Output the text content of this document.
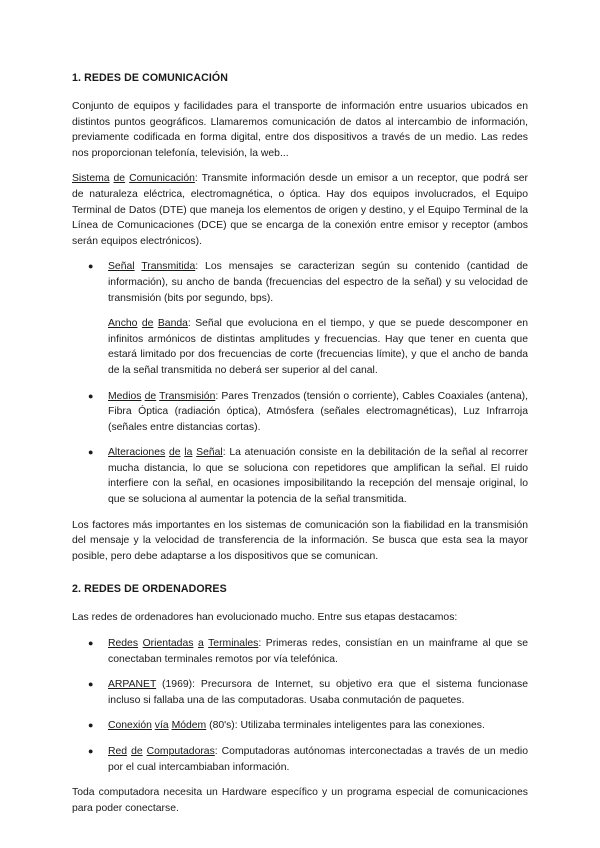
1. REDES DE COMUNICACIÓN

Conjunto de equipos y facilidades para el transporte de información entre usuarios ubicados en distintos puntos geográficos. Llamaremos comunicación de datos al intercambio de información, previamente codificada en forma digital, entre dos dispositivos a través de un medio. Las redes nos proporcionan telefonía, televisión, la web...

Sistema de Comunicación: Transmite información desde un emisor a un receptor, que podrá ser de naturaleza eléctrica, electromagnética, o óptica. Hay dos equipos involucrados, el Equipo Terminal de Datos (DTE) que maneja los elementos de origen y destino, y el Equipo Terminal de la Línea de Comunicaciones (DCE) que se encarga de la conexión entre emisor y receptor (ambos serán equipos electrónicos).

● Señal Transmitida: Los mensajes se caracterizan según su contenido (cantidad de información), su ancho de banda (frecuencias del espectro de la señal) y su velocidad de transmisión (bits por segundo, bps).

Ancho de Banda: Señal que evoluciona en el tiempo, y que se puede descomponer en infinitos armónicos de distintas amplitudes y frecuencias. Hay que tener en cuenta que estará limitado por dos frecuencias de corte (frecuencias límite), y que el ancho de banda de la señal transmitida no deberá ser superior al del canal.

● Medios de Transmisión: Pares Trenzados (tensión o corriente), Cables Coaxiales (antena), Fibra Óptica (radiación óptica), Atmósfera (señales electromagnéticas), Luz Infrarroja (señales entre distancias cortas).

● Alteraciones de la Señal: La atenuación consiste en la debilitación de la señal al recorrer mucha distancia, lo que se soluciona con repetidores que amplifican la señal. El ruido interfiere con la señal, en ocasiones imposibilitando la recepción del mensaje original, lo que se soluciona al aumentar la potencia de la señal transmitida.

Los factores más importantes en los sistemas de comunicación son la fiabilidad en la transmisión del mensaje y la velocidad de transferencia de la información. Se busca que esta sea la mayor posible, pero debe adaptarse a los dispositivos que se comunican.

2. REDES DE ORDENADORES

Las redes de ordenadores han evolucionado mucho. Entre sus etapas destacamos:

● Redes Orientadas a Terminales: Primeras redes, consistían en un mainframe al que se conectaban terminales remotos por vía telefónica.

● ARPANET (1969): Precursora de Internet, su objetivo era que el sistema funcionase incluso si fallaba una de las computadoras. Usaba conmutación de paquetes.

● Conexión vía Módem (80's): Utilizaba terminales inteligentes para las conexiones.

● Red de Computadoras: Computadoras autónomas interconectadas a través de un medio por el cual intercambiaban información.

Toda computadora necesita un Hardware específico y un programa especial de comunicaciones para poder conectarse.
